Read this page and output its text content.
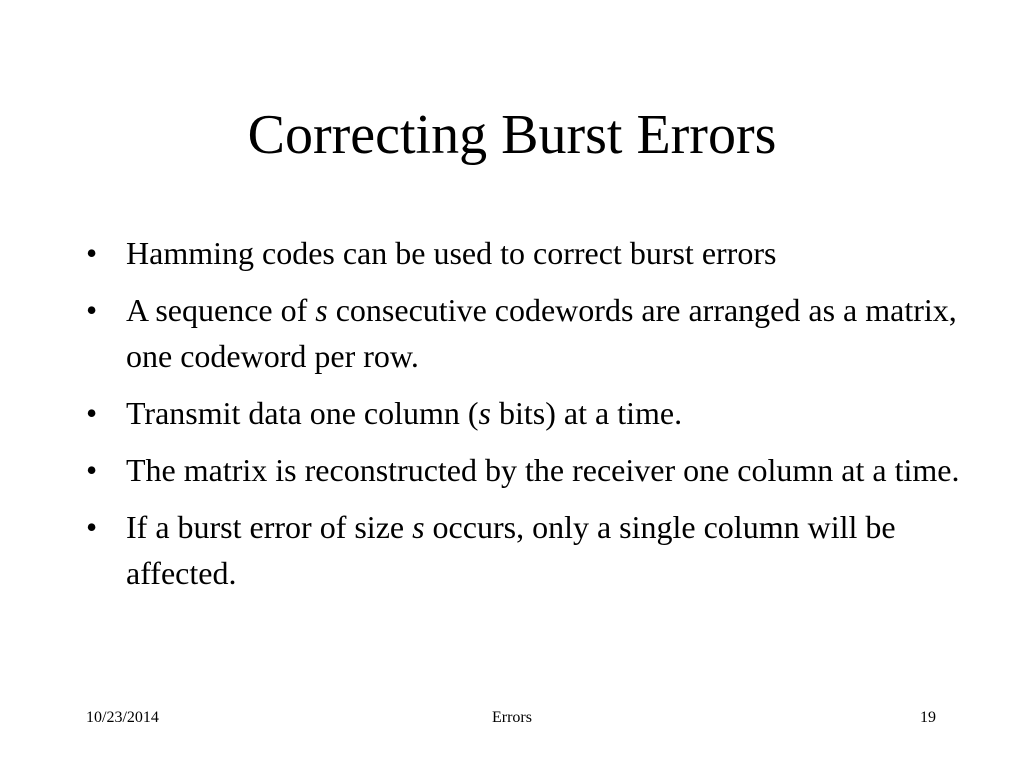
Correcting Burst Errors
• Hamming codes can be used to correct burst errors
• A sequence of s consecutive codewords are arranged as a matrix, one codeword per row.
• Transmit data one column (s bits) at a time.
• The matrix is reconstructed by the receiver one column at a time.
• If a burst error of size s occurs, only a single column will be affected.
10/23/2014	Errors	19
